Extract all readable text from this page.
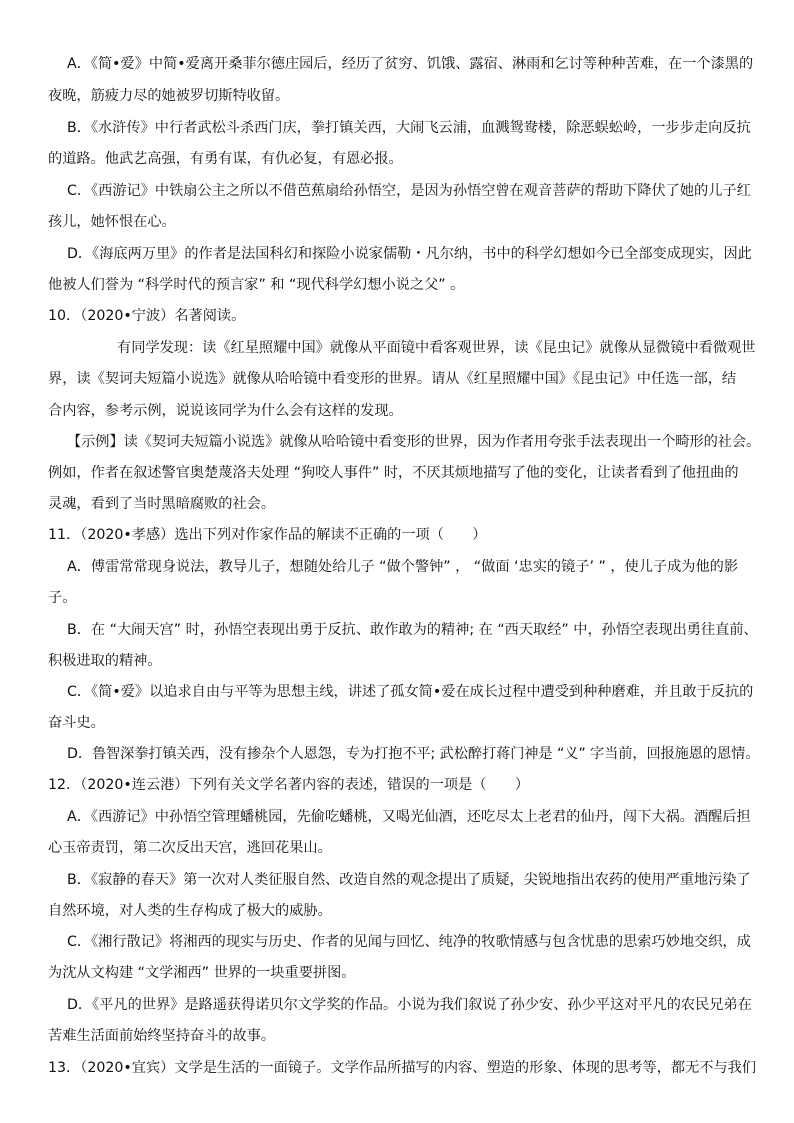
A．《简•爱》中简•爱离开桑菲尔德庄园后，经历了贫穷、饥饿、露宿、淋雨和乞讨等种种苦难，在一个漆黑的
夜晚，筋疲力尽的她被罗切斯特收留。
B．《水浒传》中行者武松斗杀西门庆，拳打镇关西，大闹飞云浦，血溅鸳鸯楼，除恶蜈蚣岭，一步步走向反抗
的道路。他武艺高强，有勇有谋，有仇必复，有恩必报。
C．《西游记》中铁扇公主之所以不借芭蕉扇给孙悟空，是因为孙悟空曾在观音菩萨的帮助下降伏了她的儿子红
孩儿，她怀恨在心。
D．《海底两万里》的作者是法国科幻和探险小说家儒勒・凡尔纳，书中的科学幻想如今已全部变成现实，因此
他被人们誉为 “科学时代的预言家” 和 “现代科学幻想小说之父” 。
10．（2020•宁波）名著阅读。
有同学发现：读《红星照耀中国》就像从平面镜中看客观世界，读《昆虫记》就像从显微镜中看微观世
界，读《契诃夫短篇小说选》就像从哈哈镜中看变形的世界。请从《红星照耀中国》《昆虫记》中任选一部，结
合内容，参考示例，说说该同学为什么会有这样的发现。
【示例】读《契诃夫短篇小说选》就像从哈哈镜中看变形的世界，因为作者用夸张手法表现出一个畸形的社会。
例如，作者在叙述警官奥楚蔑洛夫处理 “狗咬人事件” 时，不厌其烦地描写了他的变化，让读者看到了他扭曲的
灵魂，看到了当时黑暗腐败的社会。
11．（2020•孝感）选出下列对作家作品的解读不正确的一项（　　）
A．傅雷常常现身说法，教导儿子，想随处给儿子 “做个警钟” ， “做面 ‘忠实的镜子’ ” ，使儿子成为他的影
子。
B．在 “大闹天宫” 时，孙悟空表现出勇于反抗、敢作敢为的精神; 在 “西天取经” 中，孙悟空表现出勇往直前、
积极进取的精神。
C．《简•爱》以追求自由与平等为思想主线，讲述了孤女简•爱在成长过程中遭受到种种磨难，并且敢于反抗的
奋斗史。
D．鲁智深拳打镇关西，没有掺杂个人恩怨，专为打抱不平; 武松醉打蒋门神是 “义” 字当前，回报施恩的恩情。
12．（2020•连云港）下列有关文学名著内容的表述，错误的一项是（　　）
A．《西游记》中孙悟空管理蟠桃园，先偷吃蟠桃，又喝光仙酒，还吃尽太上老君的仙丹，闯下大祸。酒醒后担
心玉帝责罚，第二次反出天宫，逃回花果山。
B．《寂静的春天》第一次对人类征服自然、改造自然的观念提出了质疑，尖锐地指出农药的使用严重地污染了
自然环境，对人类的生存构成了极大的威胁。
C．《湘行散记》将湘西的现实与历史、作者的见闻与回忆、纯净的牧歌情感与包含忧患的思索巧妙地交织，成
为沈从文构建 “文学湘西” 世界的一块重要拼图。
D．《平凡的世界》是路遥获得诺贝尔文学奖的作品。小说为我们叙说了孙少安、孙少平这对平凡的农民兄弟在
苦难生活面前始终坚持奋斗的故事。
13．（2020•宜宾）文学是生活的一面镜子。文学作品所描写的内容、塑造的形象、体现的思考等，都无不与我们
